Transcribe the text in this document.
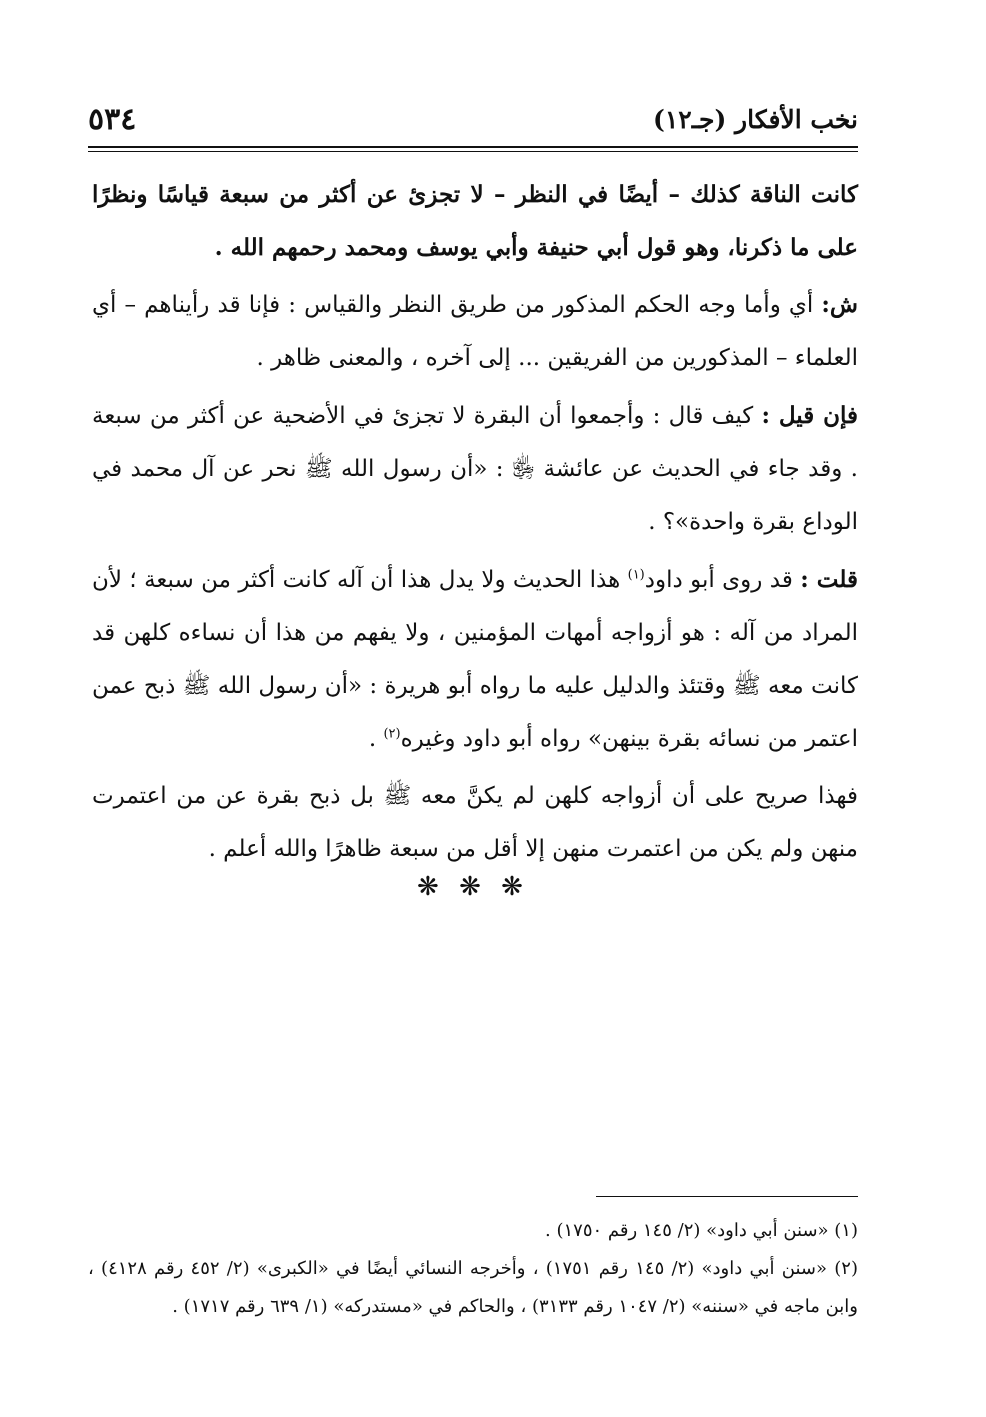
٥٣٤	نخب الأفكار (جـ١٢)

كانت الناقة كذلك – أيضًا في النظر – لا تجزئ عن أكثر من سبعة قياسًا ونظرًا على ما ذكرنا، وهو قول أبي حنيفة وأبي يوسف ومحمد رحمهم الله .

ش: أي وأما وجه الحكم المذكور من طريق النظر والقياس : فإنا قد رأيناهم – أي العلماء – المذكورين من الفريقين ... إلى آخره ، والمعنى ظاهر .

فإن قيل : كيف قال : وأجمعوا أن البقرة لا تجزئ في الأضحية عن أكثر من سبعة . وقد جاء في الحديث عن عائشة ﵂ : «أن رسول الله ﷺ نحر عن آل محمد في الوداع بقرة واحدة»؟ .

قلت : قد روى أبو داود$^{(١)}$ هذا الحديث ولا يدل هذا أن آله كانت أكثر من سبعة ؛ لأن المراد من آله : هو أزواجه أمهات المؤمنين ، ولا يفهم من هذا أن نساءه كلهن قد كانت معه ﷺ وقتئذ والدليل عليه ما رواه أبو هريرة : «أن رسول الله ﷺ ذبح عمن اعتمر من نسائه بقرة بينهن» رواه أبو داود وغيره$^{(٢)}$ .

فهذا صريح على أن أزواجه كلهن لم يكنَّ معه ﷺ بل ذبح بقرة عن من اعتمرت منهن ولم يكن من اعتمرت منهن إلا أقل من سبعة ظاهرًا والله أعلم .

❋ ❋ ❋

(١) «سنن أبي داود» (٢/ ١٤٥ رقم ١٧٥٠) .

(٢) «سنن أبي داود» (٢/ ١٤٥ رقم ١٧٥١) ، وأخرجه النسائي أيضًا في «الكبرى» (٢/ ٤٥٢ رقم ٤١٢٨) ، وابن ماجه في «سننه» (٢/ ١٠٤٧ رقم ٣١٣٣) ، والحاكم في «مستدركه» (١/ ٦٣٩ رقم ١٧١٧) .
